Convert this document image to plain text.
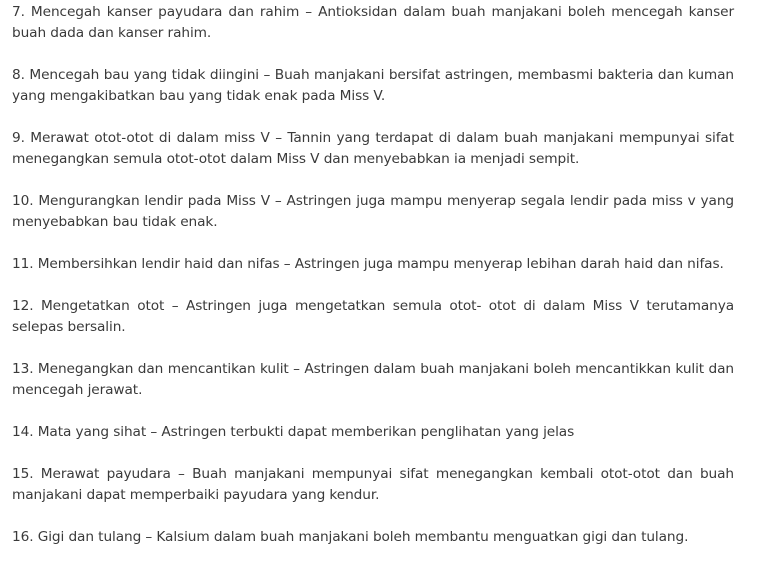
7. Mencegah kanser payudara dan rahim – Antioksidan dalam buah manjakani boleh mencegah kanser buah dada dan kanser rahim.

8. Mencegah bau yang tidak diingini – Buah manjakani bersifat astringen, membasmi bakteria dan kuman yang mengakibatkan bau yang tidak enak pada Miss V.

9. Merawat otot-otot di dalam miss V – Tannin yang terdapat di dalam buah manjakani mempunyai sifat menegangkan semula otot-otot dalam Miss V dan menyebabkan ia menjadi sempit.

10. Mengurangkan lendir pada Miss V – Astringen juga mampu menyerap segala lendir pada miss v yang menyebabkan bau tidak enak.

11. Membersihkan lendir haid dan nifas – Astringen juga mampu menyerap lebihan darah haid dan nifas.

12. Mengetatkan otot – Astringen juga mengetatkan semula otot- otot di dalam Miss V terutamanya selepas bersalin.

13. Menegangkan dan mencantikan kulit – Astringen dalam buah manjakani boleh mencantikkan kulit dan mencegah jerawat.

14. Mata yang sihat – Astringen terbukti dapat memberikan penglihatan yang jelas

15. Merawat payudara – Buah manjakani mempunyai sifat menegangkan kembali otot-otot dan buah manjakani dapat memperbaiki payudara yang kendur.

16. Gigi dan tulang – Kalsium dalam buah manjakani boleh membantu menguatkan gigi dan tulang.
